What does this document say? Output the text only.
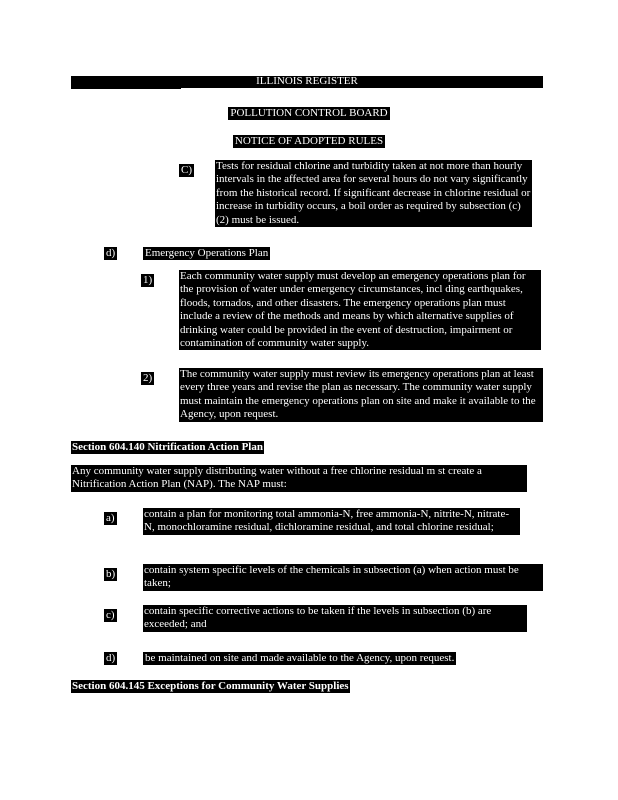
ILLINOIS REGISTER
POLLUTION CONTROL BOARD
NOTICE OF ADOPTED RULES
C) Tests for residual chlorine and turbidity taken at not more than hourly intervals in the affected area for several hours do not vary significantly from the historical record. If significant decrease in chlorine residual or increase in turbidity occurs, a boil order as required by subsection (c)(2) must be issued.
d)	Emergency Operations Plan
1)	Each community water supply must develop an emergency operations plan for the provision of water under emergency circumstances, incl ding earthquakes, floods, tornados, and other disasters. The emergency operations plan must include a review of the methods and means by which alternative supplies of drinking water could be provided in the event of destruction, impairment or contamination of community water supply.
2)	The community water supply must review its emergency operations plan at least every three years and revise the plan as necessary. The community water supply must maintain the emergency operations plan on site and make it available to the Agency, upon request.
Section 604.140 Nitrification Action Plan
Any community water supply distributing water without a free chlorine residual m st create a Nitrification Action Plan (NAP). The NAP must:
a)	contain a plan for monitoring total ammonia-N, free ammonia-N, nitrite-N, nitrate-N, monochloramine residual, dichloramine residual, and total chlorine residual;
b)	contain system specific levels of the chemicals in subsection (a) when action must be taken;
c)	contain specific corrective actions to be taken if the levels in subsection (b) are exceeded; and
d)	be maintained on site and made available to the Agency, upon request.
Section 604.145 Exceptions for Community Water Supplies
